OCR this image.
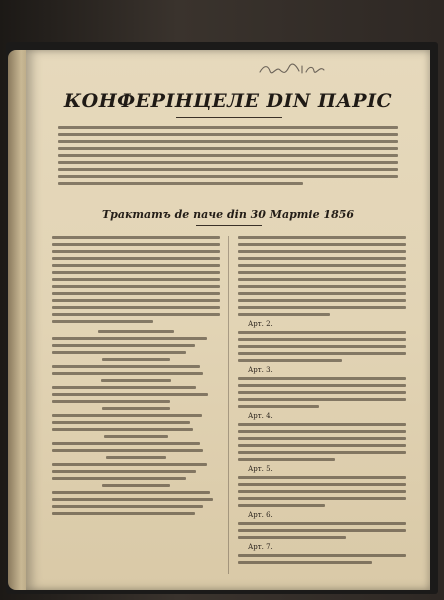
КОНФЕРІНЦЕЛЕ DIN ПАРІС
Трактатъ de пачe din 30 Мартіе 1856
Арт. 2.
Арт. 3.
Арт. 4.
Арт. 5.
Арт. 6.
Арт. 7.
